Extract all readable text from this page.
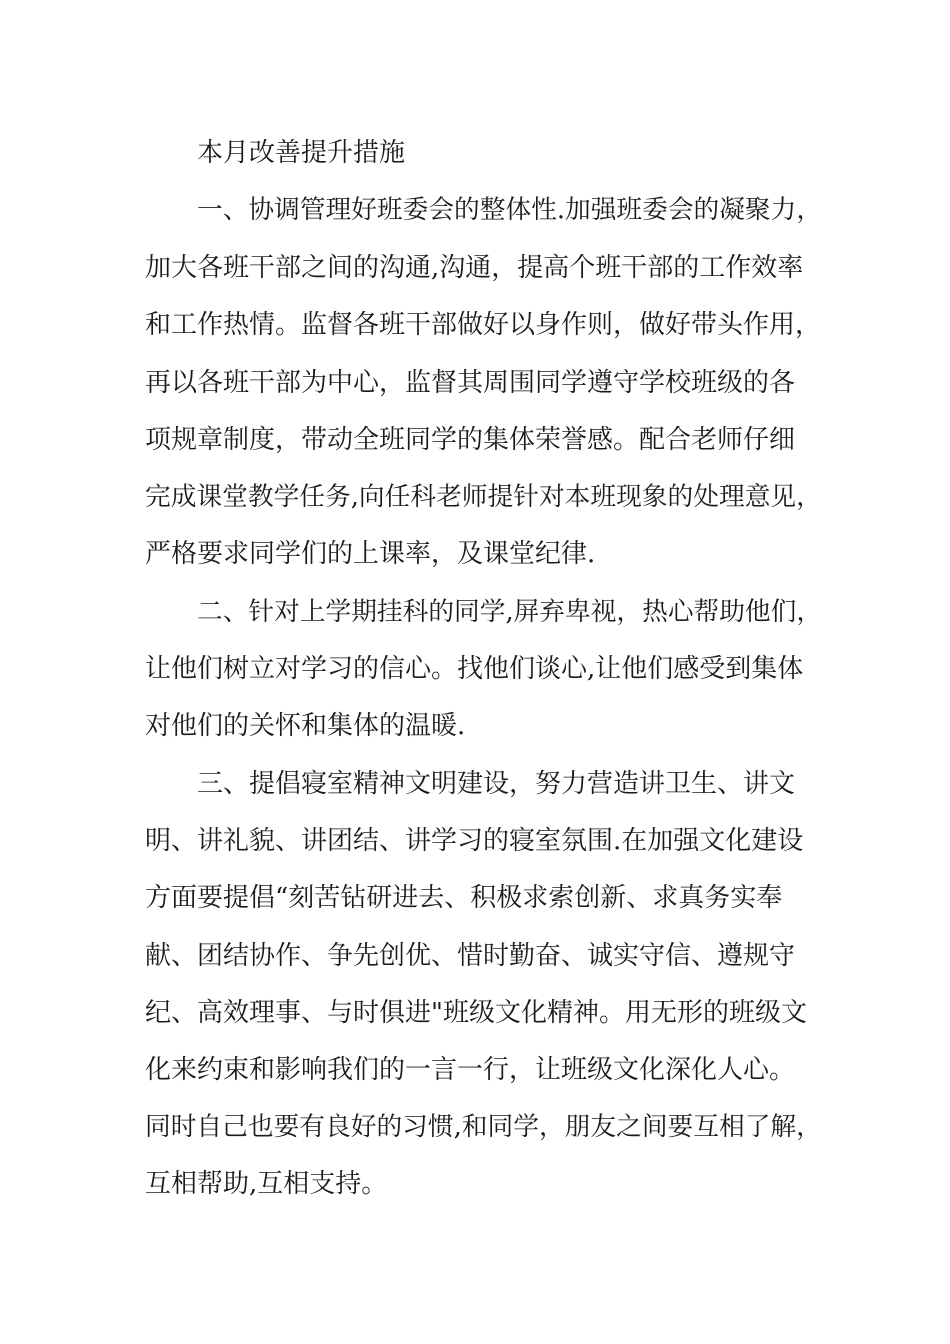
本月改善提升措施
一、协调管理好班委会的整体性.加强班委会的凝聚力，
加大各班干部之间的沟通,沟通，提高个班干部的工作效率
和工作热情。监督各班干部做好以身作则，做好带头作用，
再以各班干部为中心，监督其周围同学遵守学校班级的各
项规章制度，带动全班同学的集体荣誉感。配合老师仔细
完成课堂教学任务,向任科老师提针对本班现象的处理意见，
严格要求同学们的上课率，及课堂纪律.
二、针对上学期挂科的同学,屏弃卑视，热心帮助他们，
让他们树立对学习的信心。找他们谈心,让他们感受到集体
对他们的关怀和集体的温暖.
三、提倡寝室精神文明建设，努力营造讲卫生、讲文
明、讲礼貌、讲团结、讲学习的寝室氛围.在加强文化建设
方面要提倡“刻苦钻研进去、积极求索创新、求真务实奉
献、团结协作、争先创优、惜时勤奋、诚实守信、遵规守
纪、高效理事、与时俱进"班级文化精神。用无形的班级文
化来约束和影响我们的一言一行，让班级文化深化人心。
同时自己也要有良好的习惯,和同学，朋友之间要互相了解，
互相帮助,互相支持。
